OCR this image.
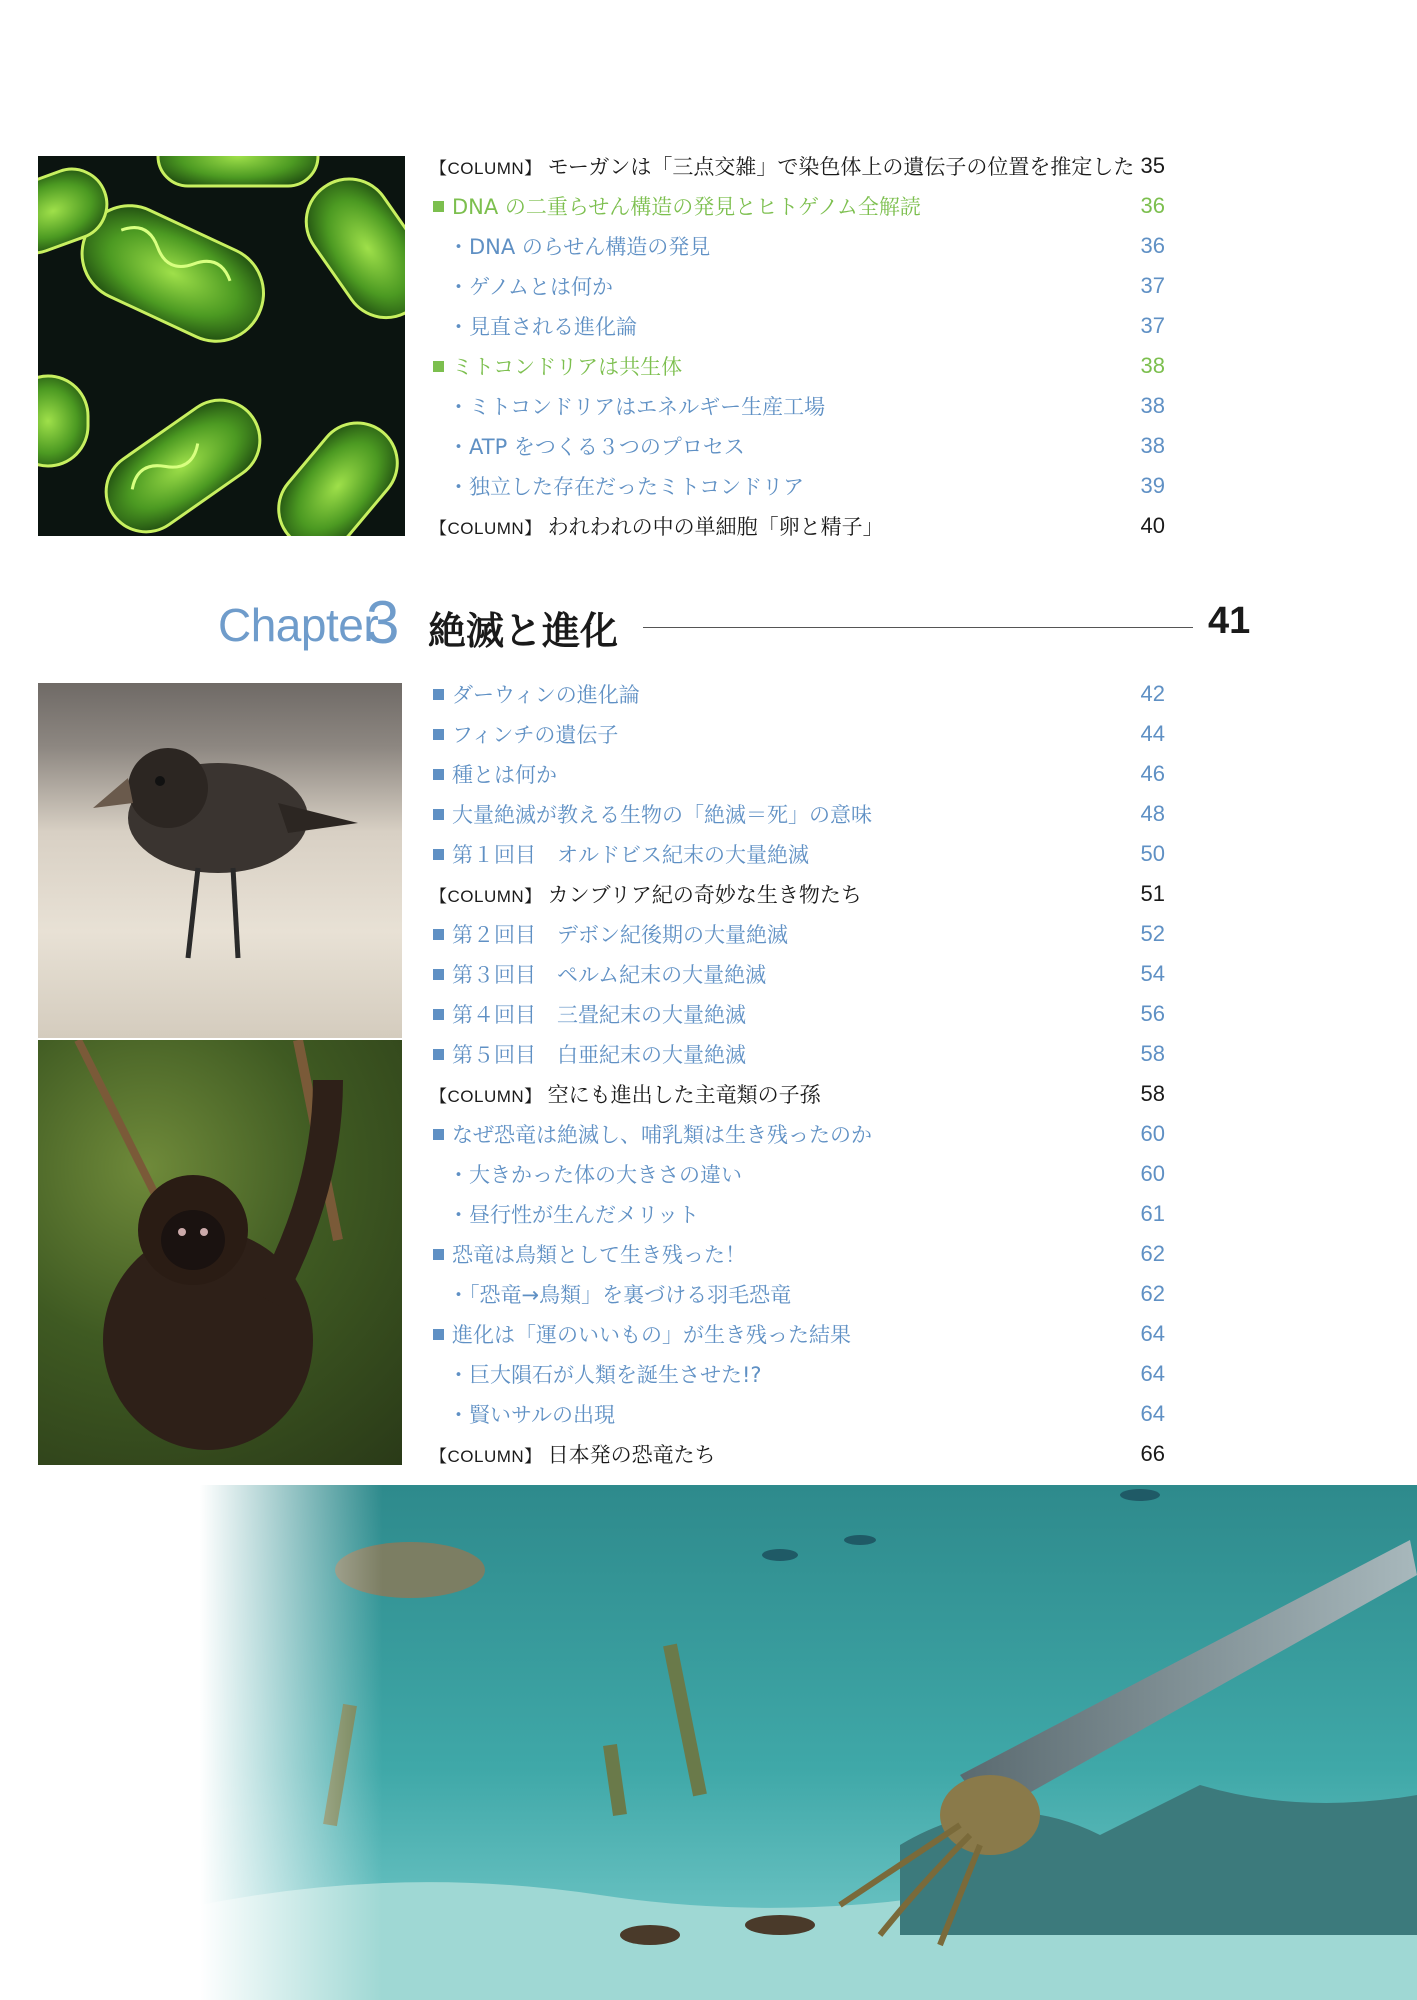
【COLUMN】 モーガンは「三点交雑」で染色体上の遺伝子の位置を推定した 35
DNA の二重らせん構造の発見とヒトゲノム全解読	36
・DNA のらせん構造の発見	36
・ゲノムとは何か	37
・見直される進化論	37
ミトコンドリアは共生体	38
・ミトコンドリアはエネルギー生産工場	38
・ATP をつくる３つのプロセス	38
・独立した存在だったミトコンドリア	39
【COLUMN】 われわれの中の単細胞「卵と精子」	40
Chapter
3 絶滅と進化	41
ダーウィンの進化論	42
フィンチの遺伝子	44
種とは何か	46
大量絶滅が教える生物の「絶滅＝死」の意味	48
第１回目　オルドビス紀末の大量絶滅	50
【COLUMN】 カンブリア紀の奇妙な生き物たち	51
第２回目　デボン紀後期の大量絶滅	52
第３回目　ペルム紀末の大量絶滅	54
第４回目　三畳紀末の大量絶滅	56
第５回目　白亜紀末の大量絶滅	58
【COLUMN】 空にも進出した主竜類の子孫	58
なぜ恐竜は絶滅し、哺乳類は生き残ったのか	60
・大きかった体の大きさの違い	60
・昼行性が生んだメリット	61
恐竜は鳥類として生き残った！	62
・「恐竜→鳥類」を裏づける羽毛恐竜	62
進化は「運のいいもの」が生き残った結果	64
・巨大隕石が人類を誕生させた!?	64
・賢いサルの出現	64
【COLUMN】 日本発の恐竜たち	66
